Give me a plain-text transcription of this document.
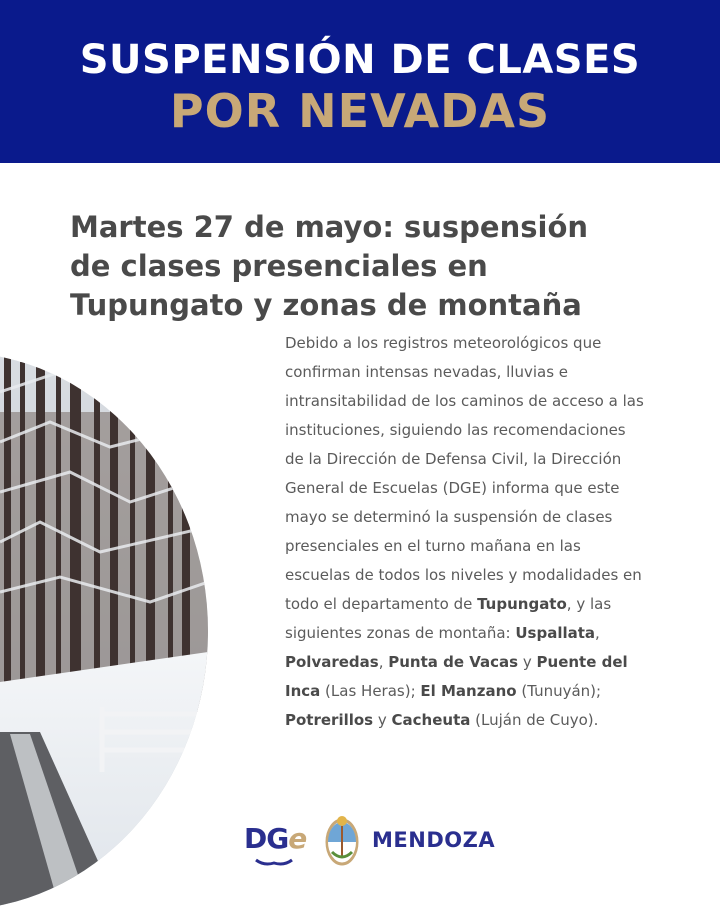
SUSPENSIÓN DE CLASES
POR NEVADAS
Martes 27 de mayo: suspensión
de clases presenciales en
Tupungato y zonas de montaña
Debido a los registros meteorológicos que confirman intensas nevadas, lluvias e intransitabilidad de los caminos de acceso a las instituciones, siguiendo las recomendaciones de la Dirección de Defensa Civil, la Dirección General de Escuelas (DGE) informa que este mayo se determinó la suspensión de clases presenciales en el turno mañana en las escuelas de todos los niveles y modalidades en todo el departamento de Tupungato, y las siguientes zonas de montaña: Uspallata, Polvaredas, Punta de Vacas y Puente del Inca (Las Heras); El Manzano (Tunuyán); Potrerillos y Cacheuta (Luján de Cuyo).
DGe	MENDOZA
